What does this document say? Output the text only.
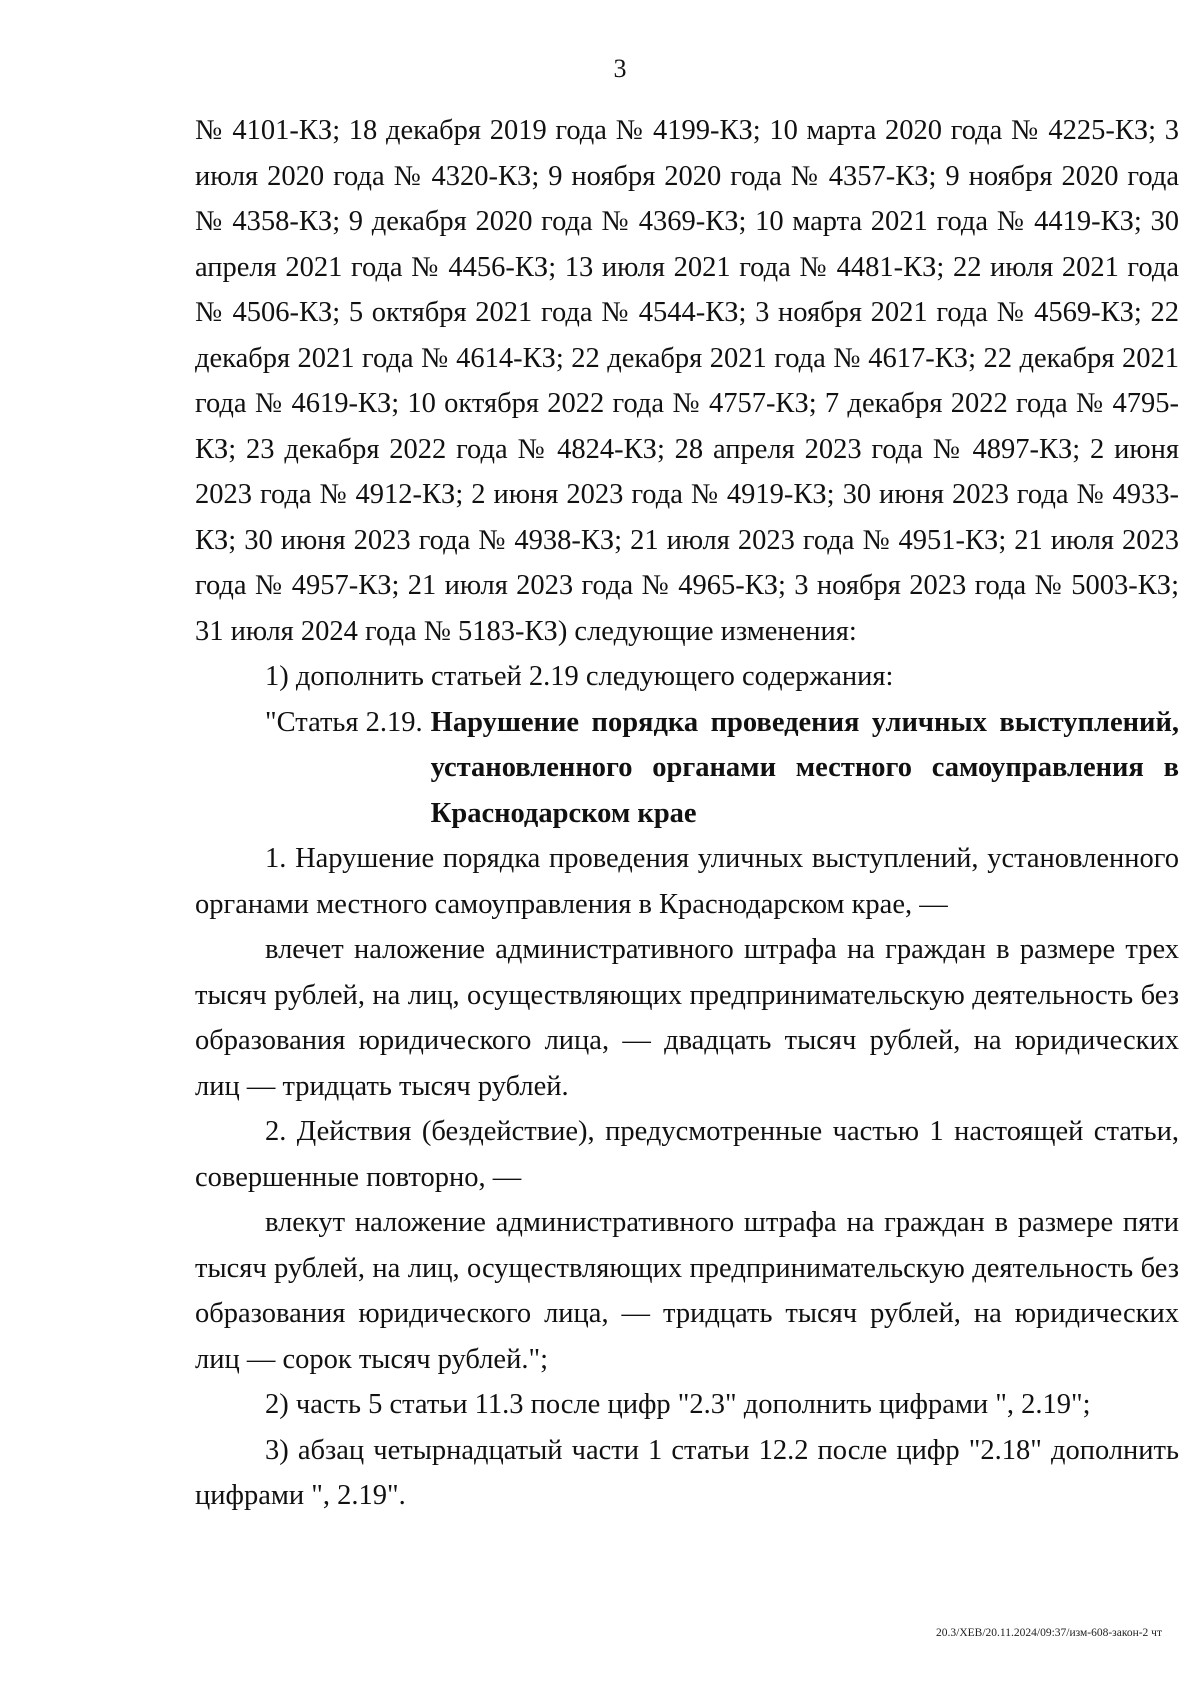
3

№ 4101-КЗ; 18 декабря 2019 года № 4199-КЗ; 10 марта 2020 года № 4225-КЗ; 3 июля 2020 года № 4320-КЗ; 9 ноября 2020 года № 4357-КЗ; 9 ноября 2020 года № 4358-КЗ; 9 декабря 2020 года № 4369-КЗ; 10 марта 2021 года № 4419-КЗ; 30 апреля 2021 года № 4456-КЗ; 13 июля 2021 года № 4481-КЗ; 22 июля 2021 года № 4506-КЗ; 5 октября 2021 года № 4544-КЗ; 3 ноября 2021 года № 4569-КЗ; 22 декабря 2021 года № 4614-КЗ; 22 декабря 2021 года № 4617-КЗ; 22 декабря 2021 года № 4619-КЗ; 10 октября 2022 года № 4757-КЗ; 7 декабря 2022 года № 4795-КЗ; 23 декабря 2022 года № 4824-КЗ; 28 апреля 2023 года № 4897-КЗ; 2 июня 2023 года № 4912-КЗ; 2 июня 2023 года № 4919-КЗ; 30 июня 2023 года № 4933-КЗ; 30 июня 2023 года № 4938-КЗ; 21 июля 2023 года № 4951-КЗ; 21 июля 2023 года № 4957-КЗ; 21 июля 2023 года № 4965-КЗ; 3 ноября 2023 года № 5003-КЗ; 31 июля 2024 года № 5183-КЗ) следующие изменения:

1) дополнить статьей 2.19 следующего содержания:

"Статья 2.19. Нарушение порядка проведения уличных выступлений, установленного органами местного самоуправления в Краснодарском крае

1. Нарушение порядка проведения уличных выступлений, установленного органами местного самоуправления в Краснодарском крае, —

влечет наложение административного штрафа на граждан в размере трех тысяч рублей, на лиц, осуществляющих предпринимательскую деятельность без образования юридического лица, — двадцать тысяч рублей, на юридических лиц — тридцать тысяч рублей.

2. Действия (бездействие), предусмотренные частью 1 настоящей статьи, совершенные повторно, —

влекут наложение административного штрафа на граждан в размере пяти тысяч рублей, на лиц, осуществляющих предпринимательскую деятельность без образования юридического лица, — тридцать тысяч рублей, на юридических лиц — сорок тысяч рублей.";

2) часть 5 статьи 11.3 после цифр "2.3" дополнить цифрами ", 2.19";

3) абзац четырнадцатый части 1 статьи 12.2 после цифр "2.18" дополнить цифрами ", 2.19".

20.3/ХЕВ/20.11.2024/09:37/изм-608-закон-2 чт
